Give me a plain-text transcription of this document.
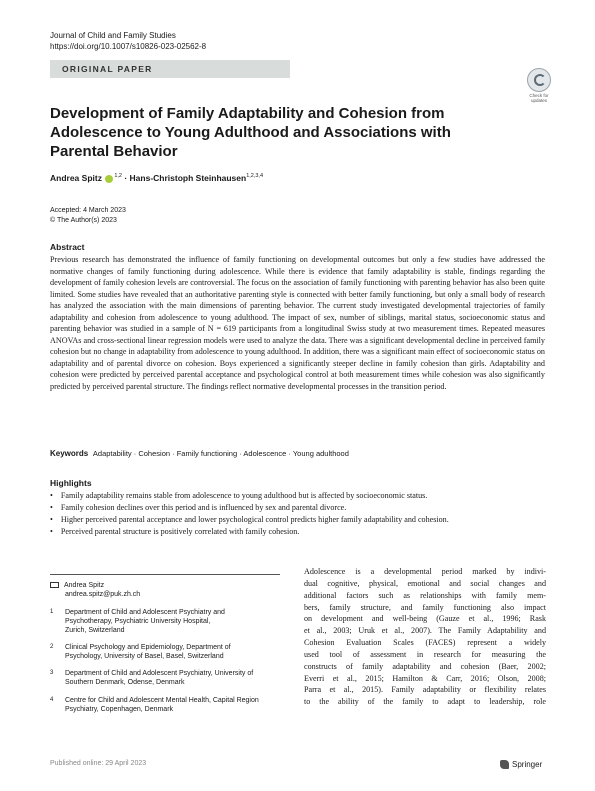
Journal of Child and Family Studies
https://doi.org/10.1007/s10826-023-02562-8
ORIGINAL PAPER
Check for updates
Development of Family Adaptability and Cohesion from
Adolescence to Young Adulthood and Associations with
Parental Behavior
Andrea Spitz $^{1,2}$ · Hans-Christoph Steinhausen$^{1,2,3,4}$
Accepted: 4 March 2023
© The Author(s) 2023
Abstract
Previous research has demonstrated the influence of family functioning on developmental outcomes but only a few studies have addressed the normative changes of family functioning during adolescence. While there is evidence that family adaptability is stable, findings regarding the development of family cohesion levels are controversial. The focus on the association of family functioning with parenting behavior has also been quite limited. Some studies have revealed that an authoritative parenting style is connected with better family functioning, but only a small body of research has analyzed the association with the main dimensions of parenting behavior. The current study investigated developmental trajectories of family adaptability and cohesion from adolescence to young adulthood. The impact of sex, number of siblings, marital status, socioeconomic status and parenting behavior was studied in a sample of N = 619 participants from a longitudinal Swiss study at two measurement times. Repeated measures ANOVAs and cross-sectional linear regression models were used to analyze the data. There was a significant developmental decline in perceived family cohesion but no change in adaptability from adolescence to young adulthood. In addition, there was a significant main effect of socioeconomic status on adaptability and of parental divorce on cohesion. Boys experienced a significantly steeper decline in family cohesion than girls. Adaptability and cohesion were predicted by perceived parental acceptance and psychological control at both measurement times while cohesion was also significantly predicted by perceived parental structure. The findings reflect normative developmental processes in the transition period.
Keywords Adaptability · Cohesion · Family functioning · Adolescence · Young adulthood
Highlights
• Family adaptability remains stable from adolescence to young adulthood but is affected by socioeconomic status.
• Family cohesion declines over this period and is influenced by sex and parental divorce.
• Higher perceived parental acceptance and lower psychological control predicts higher family adaptability and cohesion.
• Perceived parental structure is positively correlated with family cohesion.
Andrea Spitz
andrea.spitz@puk.zh.ch
1 Department of Child and Adolescent Psychiatry and
Psychotherapy, Psychiatric University Hospital,
Zurich, Switzerland
2 Clinical Psychology and Epidemiology, Department of
Psychology, University of Basel, Basel, Switzerland
3 Department of Child and Adolescent Psychiatry, University of
Southern Denmark, Odense, Denmark
4 Centre for Child and Adolescent Mental Health, Capital Region
Psychiatry, Copenhagen, Denmark
Adolescence is a developmental period marked by indivi-
dual cognitive, physical, emotional and social changes and
additional factors such as relationships with family mem-
bers, family structure, and family functioning also impact
on development and well-being (Gauze et al., 1996; Rask
et al., 2003; Uruk et al., 2007). The Family Adaptability and
Cohesion Evaluation Scales (FACES) represent a widely
used tool of assessment in research for measuring the
constructs of family adaptability and cohesion (Baer, 2002;
Everri et al., 2015; Hamilton & Carr, 2016; Olson, 2008;
Parra et al., 2015). Family adaptability or flexibility relates
to the ability of the family to adapt to leadership, role
Published online: 29 April 2023	Springer
